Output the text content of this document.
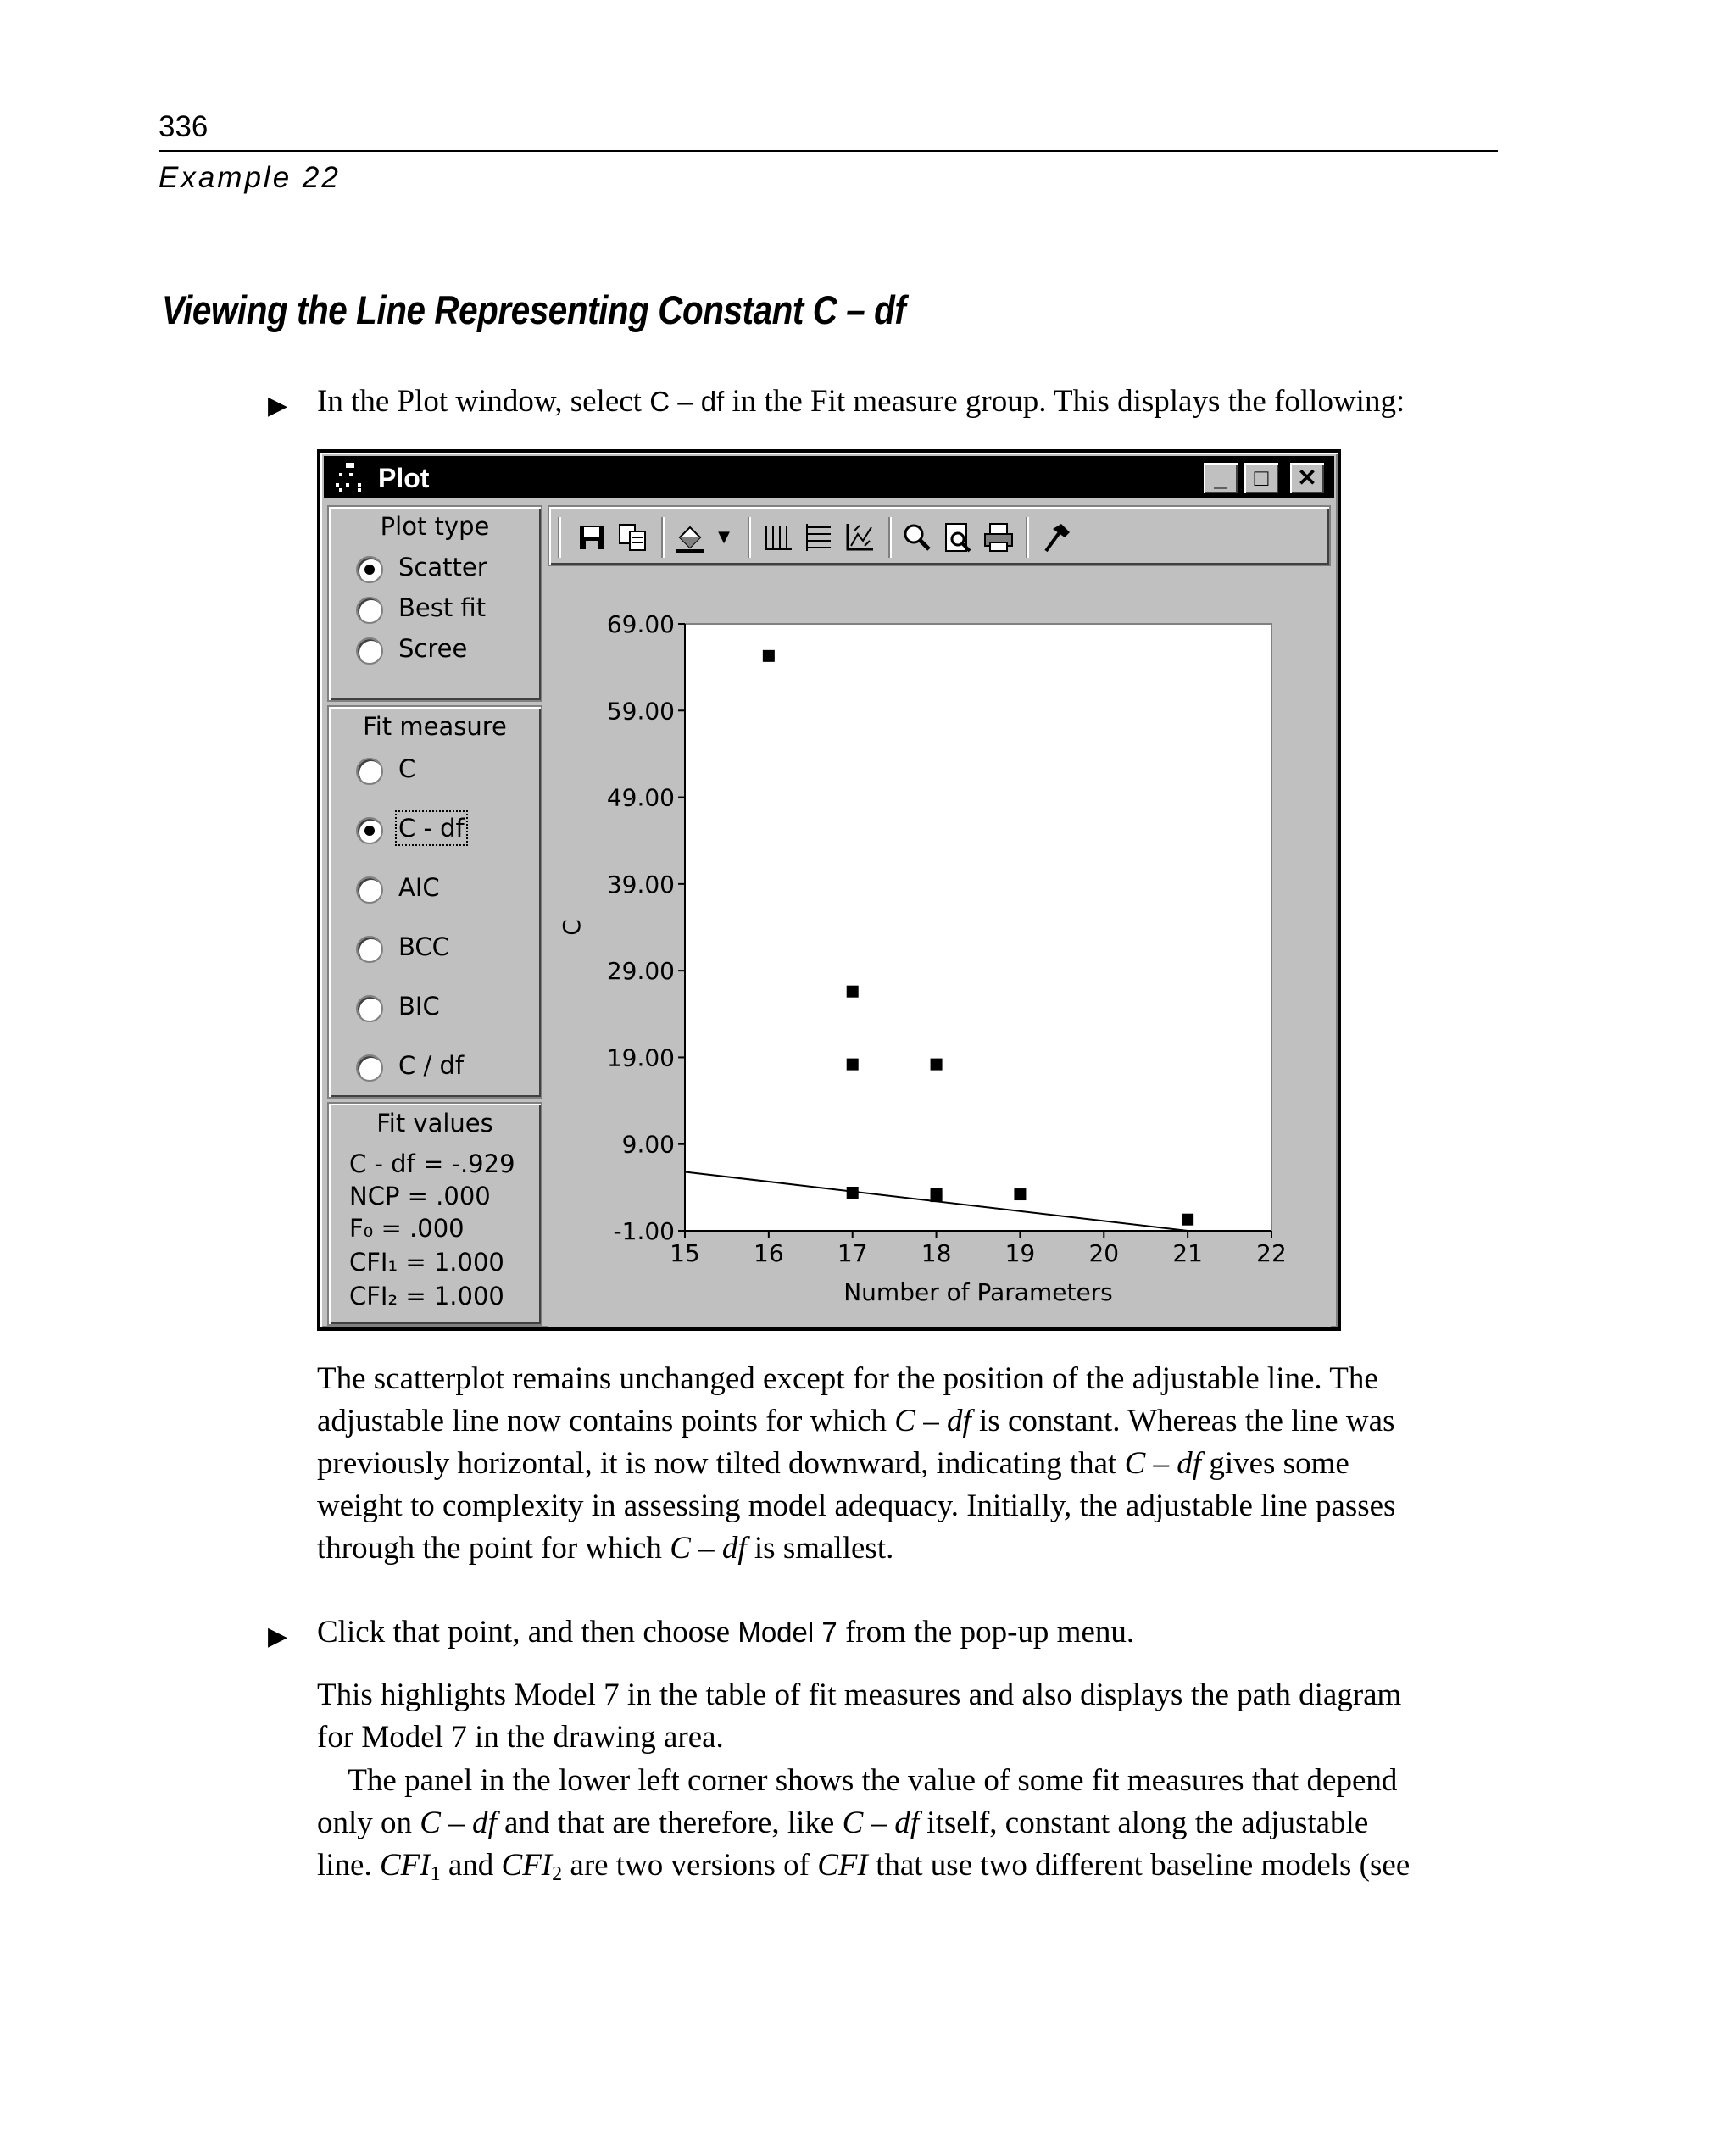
336
Example 22
Viewing the Line Representing Constant C – df
▶ In the Plot window, select C – df in the Fit measure group. This displays the following:
Plot	_	□	✕
Plot type
Scatter
Best fit
Scree
Fit measure
C
C - df
AIC
BCC
BIC
C / df
Fit values
C - df = -.929
NCP = .000
F₀ = .000
CFI₁ = 1.000
CFI₂ = 1.000
▼
15 16 17 18 19 20 21 22
69.00
59.00
49.00
39.00
29.00
19.00
9.00
-1.00
Number of Parameters
C
The scatterplot remains unchanged except for the position of the adjustable line. The
adjustable line now contains points for which C – df is constant. Whereas the line was
previously horizontal, it is now tilted downward, indicating that C – df gives some
weight to complexity in assessing model adequacy. Initially, the adjustable line passes
through the point for which C – df is smallest.
▶ Click that point, and then choose Model 7 from the pop-up menu.
This highlights Model 7 in the table of fit measures and also displays the path diagram
for Model 7 in the drawing area.
The panel in the lower left corner shows the value of some fit measures that depend
only on C – df and that are therefore, like C – df itself, constant along the adjustable
line. $CFI_1$ and $CFI_2$ are two versions of CFI that use two different baseline models (see
